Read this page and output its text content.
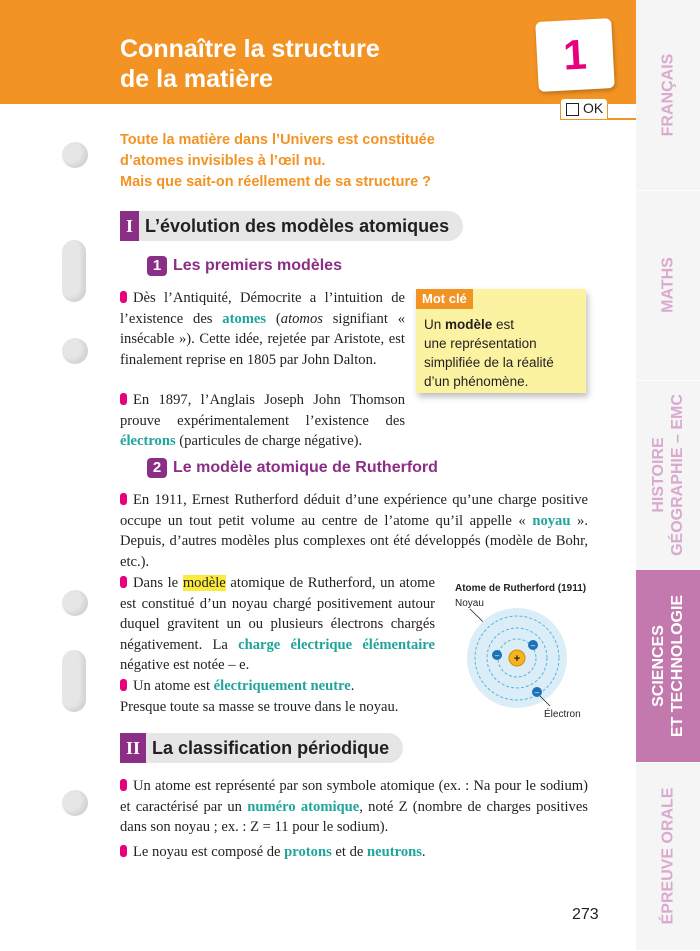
Connaître la structure
de la matière
1
OK	FRANÇAIS
MATHS
HISTOIRE
GÉOGRAPHIE – EMC
SCIENCES
ET TECHNOLOGIE
ÉPREUVE ORALE
Toute la matière dans l’Univers est constituée
d’atomes invisibles à l’œil nu.
Mais que sait-on réellement de sa structure ?
I L’évolution des modèles atomiques
1 Les premiers modèles
Dès l’Antiquité, Démocrite a l’intuition de l’existence des atomes (atomos signifiant « insécable »). Cette idée, rejetée par Aristote, est finalement reprise en 1805 par John Dalton.
En 1897, l’Anglais Joseph John Thomson prouve expérimentalement l’existence des électrons (particules de charge négative).
Mot clé
Un modèle est
une représentation
simplifiée de la réalité
d’un phénomène.
2 Le modèle atomique de Rutherford
En 1911, Ernest Rutherford déduit d’une expérience qu’une charge positive occupe un tout petit volume au centre de l’atome qu’il appelle « noyau ». Depuis, d’autres modèles plus complexes ont été développés (modèle de Bohr, etc.).
Dans le modèle atomique de Rutherford, un atome est constitué d’un noyau chargé positivement autour duquel gravitent un ou plusieurs électrons chargés négativement. La charge électrique élémentaire négative est notée – e.
Un atome est électriquement neutre.
Presque toute sa masse se trouve dans le noyau.
Atome de Rutherford (1911)
Noyau
+
–
–
–
Électron
II La classification périodique
Un atome est représenté par son symbole atomique (ex. : Na pour le sodium) et caractérisé par un numéro atomique, noté Z (nombre de charges positives dans son noyau ; ex. : Z = 11 pour le sodium).
Le noyau est composé de protons et de neutrons.
273
